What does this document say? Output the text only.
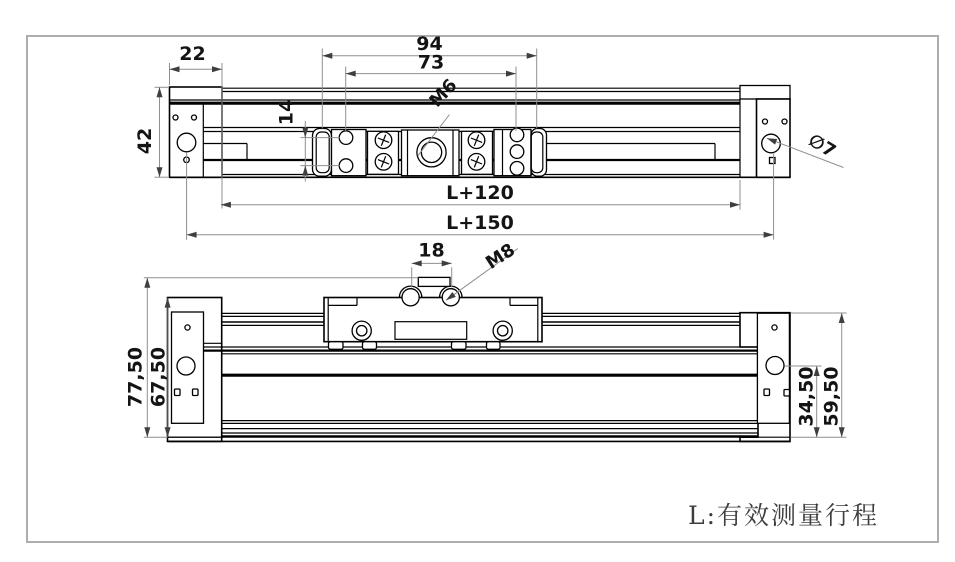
22
42
94
73
14
M6
∅7
L+120
L+150
18 M8
77,50 67,50	34,50 59,50
L:有效测量行程
